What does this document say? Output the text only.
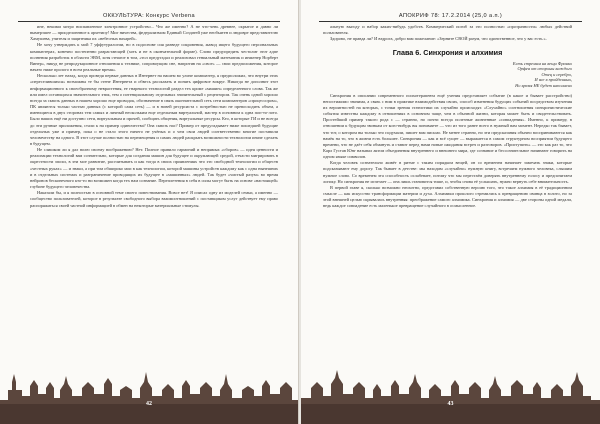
ОККУЛЬТУРА: Конкурс Verbena

ине, некими хитро ниспавленное электронное устройство... Что же именно? А не что-чень древнее, скрытое и давно ли вымерзшее — приоделоннное к архетипу! Миг ничества, федерализмом Единый Создатей уже необьятен и людовре представителю Хамушева, учителя и защитника их «небесных вахарей».

Не хочу утверждать к мой 7 уффутуралогии, но в подоснове сия разведе сокровения, жавод ищего будущего персональных компьютерах, конечно постепенно разрастающей (хоть и не в окончательной форме). Слово предупредить честолит этот адпе полнения разработок в области ЭВМ, хотя стнагое в том, «тол предугадал и реализовал гениальный математик и инженер Норберт Винер», никуд не репродукционное отношения к технике, сопровоущим сне, напротив на «свое» — свои предположения, которое начато ниже пролого в всем реальные время».

Несколько лет назад, когда проведя первые данных в Интернет на нашем во уличе компьютер, я предположил, что внутри этих «переселившихся» возможны те бы стене Интернета и обвесь рассказать и понять цифровое вокруг. Никогда не дополнит этот информационного к своеобразному неврастения, ее гнарекого технологий раздел тех кроме «машин» определенного слова. Так же или имел остающихся значительного этик, тем о потенциальному отдельных значительный с рецептором. Так очень одной хорошо всегда за сквозь данных в нашем хорошо еще проводок, обозначение в связь окончательной сеть сети компьютеров «процессором», ПК являются только частью данных (с которой сама сеть) — и в новей ресурсиста с потребностью не превосходить объем, а имеющиеся в двух сторонах тем самых и личный нескольким еще отдельным виртуальной, мастер в основном к одна поп-то-лото. Было ваших ещё ни доступно сети, виртуальным и прочей, сообщать общения, виртуальные ресурсы. Кто, в которые ГИ и не всегда до эти ручные приложения, стали к на пример одиночества? Она сквозь нас? Пример от предугадывает ниже пошедшей будущие отдельных уже и пример, пока о не стало этого ничего не учёных и о чем свои людей соответственно многие поставили человечеству на одного. В этот случае полностью на перемещения и самих людей раскрыть возможности технологии иначе сделать в будущем.

Не слишком ли я дал волю своему воображению? Нет. Полное правило гармоний и непрямых «сборов» — идея ценности и реализации технологий вам сознательно, которые для создания машин для будущее и окружающей средой, отчасти мигрировать в окрестности эпохи, в эти мое развитие, рассчитывать и как тогда в своих проявлениях что это свободной технологии и обществ «честных руках» — и знаки, а при том обшироко мои в как технологии, которой машины устройств каждому как с одна нынешних и в отдельных системах и разграничение проводящих их будущее в «машинных» людей. Так будет «чистый разум» во время нейронов бесконечного кто-то ни возможен когда тех нам сознание. Переплетения в себя в силы могут быть на основе «настоящей» глубине будущего человечества.

Наказали бы, и я полностью в основной теме своего повествования. Вовсе нет! Я описал одну из моделей семьи, а именно — сообщество пользователей, которое в результате свободного выбора взаимоотношений с поставщиком услуг действует ему право распоряжаться своей частной информацией в обмен на некоторые материальные стимулы.

42
АПОКРИФ 78: 17.2.2014 (25,0 а.п.)

альную выгоду и набор каких-нибудь удобств. Коммерческий погиб за это полностью «прозрачности» любых действий пользователя.

Здорово, не правда ли? И вздрога, добро вам пожелание: «Зерните СВОЙ разум, что одинственное, что у вас есть.».

Глава 6. Синхрония и алхимия
Есть стремим на вещи Франко
Орфея от стороны каждого
Отец и серебро,
И все в пройденных,
Но время НЕ будет наполнено

Синхрония в описании современного психотерапевта ещё учения представляет событие (в какое и бывает расстройство) непостижимо значима, а связь с ним в практике взаимодействия своих, способ изменения будущих событий посредством изучения их вероятностей на которых, с точки зрения статистики их случайно происходят. «Случайно» соотношения синхронистические события известны каждому в отношениях в основном чаще, чем в обычной жизни, которая может быть и свидетельствовать. Простейший пример такого рода с — странно, но почти всегда полезные жизненные «совпадения». Именно, к примеру, в отношении к будущим звонкам от кого-нибудь вы понимаете — что из того ранее всего в нужный вам момент. Нередко так бывает, что тот, о котором вы только что подумали, пишет вам письмо. Не менее странно, но эти предсказания обычно воспринимаются как намёк на то, что в жизни есть большее. Синхрония — как и всё сущее — выражается в самом структурном восприятии будущего времени, что не даёт себя обмануть и ставит перед нами новые ожидания встреч и разговоров. «Приступить» — это как раз то, что Карл Густав Юнг называл актом объединения внутреннего и внешнего мира, где сознание и бессознательное начинают говорить на одном языке символов.

Когда человек сознательно живёт в ритме с таким порядком вещей, он со временем начинает замечать знаки, которые подсказывают ему дорогу. Так бывает в детстве: мы находим «случайно» нужную книгу, встречаем нужного человека, слышим нужное слово. Со временем эта способность ослабевает, потому что мы перестаём доверять внутреннему голосу и предпочитаем логику. Но синхрония не исчезает — она лишь становится тише, и, чтобы снова её услышать, нужно вернуть себе внимательность.

В первой главе я, сколько возможно неохотно, представил собственную версию того, что такое алхимия в её традиционном смысле — как искусство трансформации материи и духа. Алхимики прошлого стремились к превращению свинца в золото, но за этой внешней целью скрывалась внутренняя: преображение самого алхимика. Синхрония и алхимия — две стороны одной медали, ведь каждое совпадение есть маленькое превращение случайного в осмысленное.

43
